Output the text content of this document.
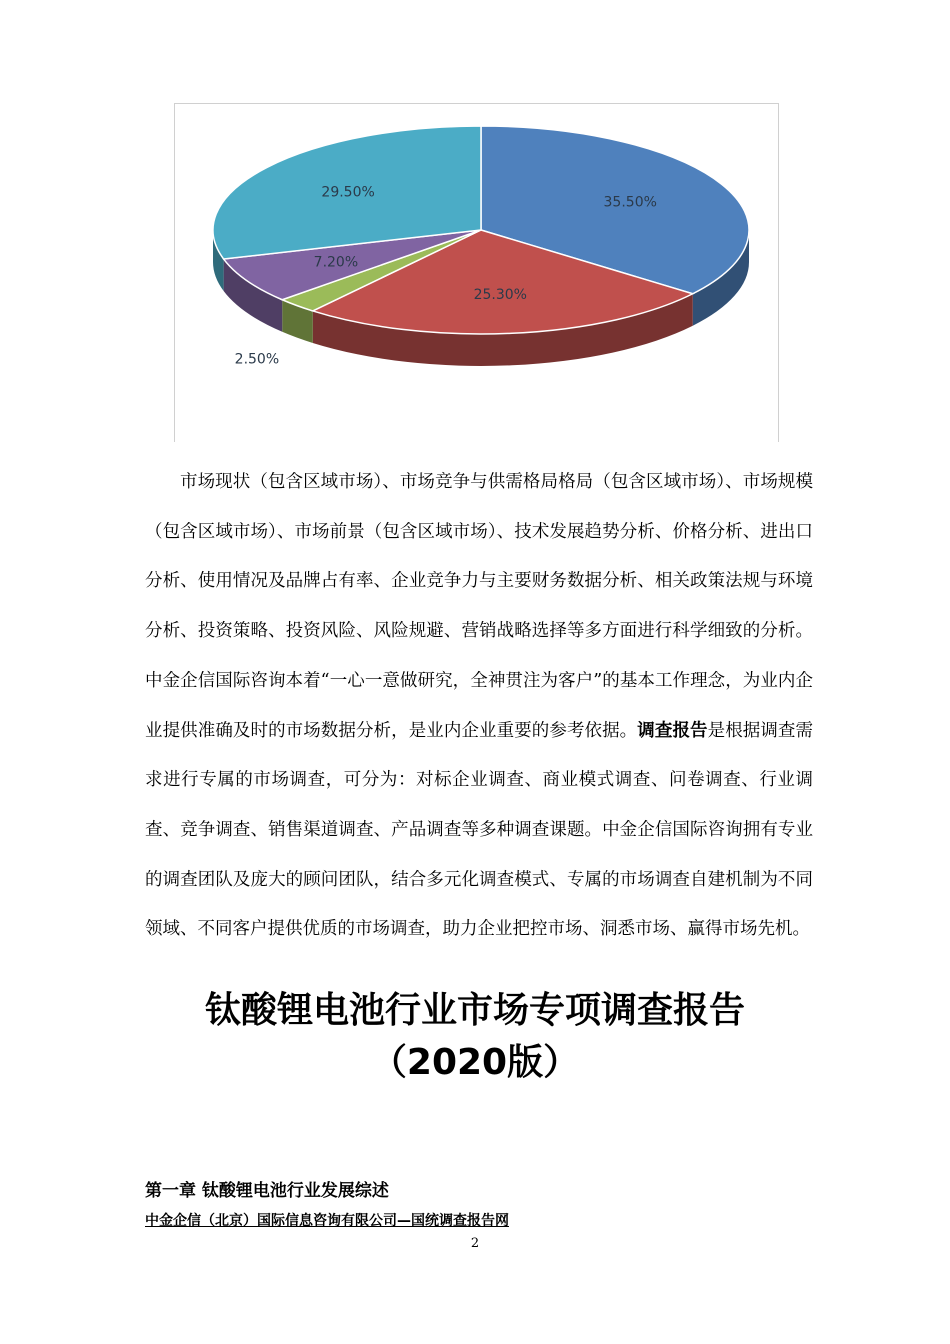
35.50%
25.30%
2.50%
7.20%
29.50%

市场现状（包含区域市场）、市场竞争与供需格局格局（包含区域市场）、市场规模（包含区域市场）、市场前景（包含区域市场）、技术发展趋势分析、价格分析、进出口分析、使用情况及品牌占有率、企业竞争力与主要财务数据分析、相关政策法规与环境分析、投资策略、投资风险、风险规避、营销战略选择等多方面进行科学细致的分析。中金企信国际咨询本着“一心一意做研究，全神贯注为客户”的基本工作理念，为业内企业提供准确及时的市场数据分析，是业内企业重要的参考依据。调查报告是根据调查需求进行专属的市场调查，可分为：对标企业调查、商业模式调查、问卷调查、行业调查、竞争调查、销售渠道调查、产品调查等多种调查课题。中金企信国际咨询拥有专业的调查团队及庞大的顾问团队，结合多元化调查模式、专属的市场调查自建机制为不同领域、不同客户提供优质的市场调查，助力企业把控市场、洞悉市场、赢得市场先机。

钛酸锂电池行业市场专项调查报告（2020版）
第一章 钛酸锂电池行业发展综述

中金企信（北京）国际信息咨询有限公司—国统调查报告网

2
